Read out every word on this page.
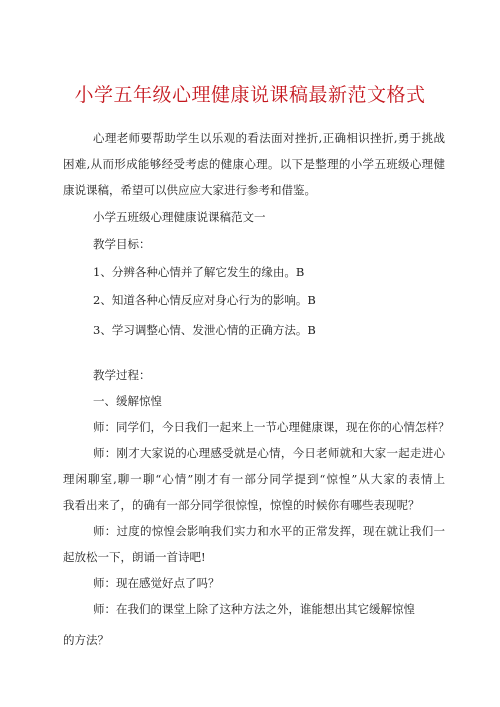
小学五年级心理健康说课稿最新范文格式
心理老师要帮助学生以乐观的看法面对挫折,正确相识挫折,勇于挑战
困难,从而形成能够经受考虑的健康心理。以下是整理的小学五班级心理健
康说课稿，希望可以供应应大家进行参考和借鉴。
小学五班级心理健康说课稿范文一
教学目标：
1、分辨各种心情并了解它发生的缘由。B
2、知道各种心情反应对身心行为的影响。B
3、学习调整心情、发泄心情的正确方法。B
教学过程：
一、缓解惊惶
师：同学们，今日我们一起来上一节心理健康课，现在你的心情怎样？
师：刚才大家说的心理感受就是心情，今日老师就和大家一起走进心
理闲聊室,聊一聊“心情”刚才有一部分同学提到“惊惶”从大家的表情上
我看出来了，的确有一部分同学很惊惶，惊惶的时候你有哪些表现呢？
师：过度的惊惶会影响我们实力和水平的正常发挥，现在就让我们一
起放松一下，朗诵一首诗吧!
师：现在感觉好点了吗？
师：在我们的课堂上除了这种方法之外，谁能想出其它缓解惊惶
的方法？
